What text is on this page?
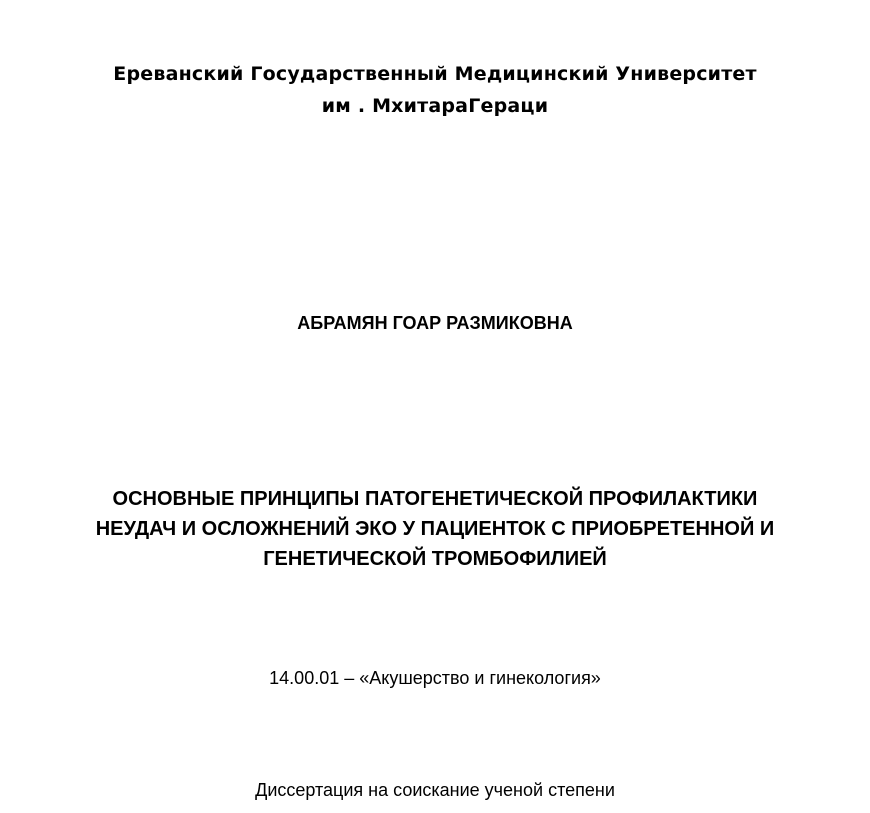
Ереванский Государственный Медицинский Университет
им . МхитараГераци
АБРАМЯН ГОАР РАЗМИКОВНА
ОСНОВНЫЕ ПРИНЦИПЫ ПАТОГЕНЕТИЧЕСКОЙ ПРОФИЛАКТИКИ
НЕУДАЧ И ОСЛОЖНЕНИЙ ЭКО У ПАЦИЕНТОК С ПРИОБРЕТЕННОЙ И
ГЕНЕТИЧЕСКОЙ ТРОМБОФИЛИЕЙ
14.00.01 – «Акушерство и гинекология»
Диссертация на соискание ученой степени
